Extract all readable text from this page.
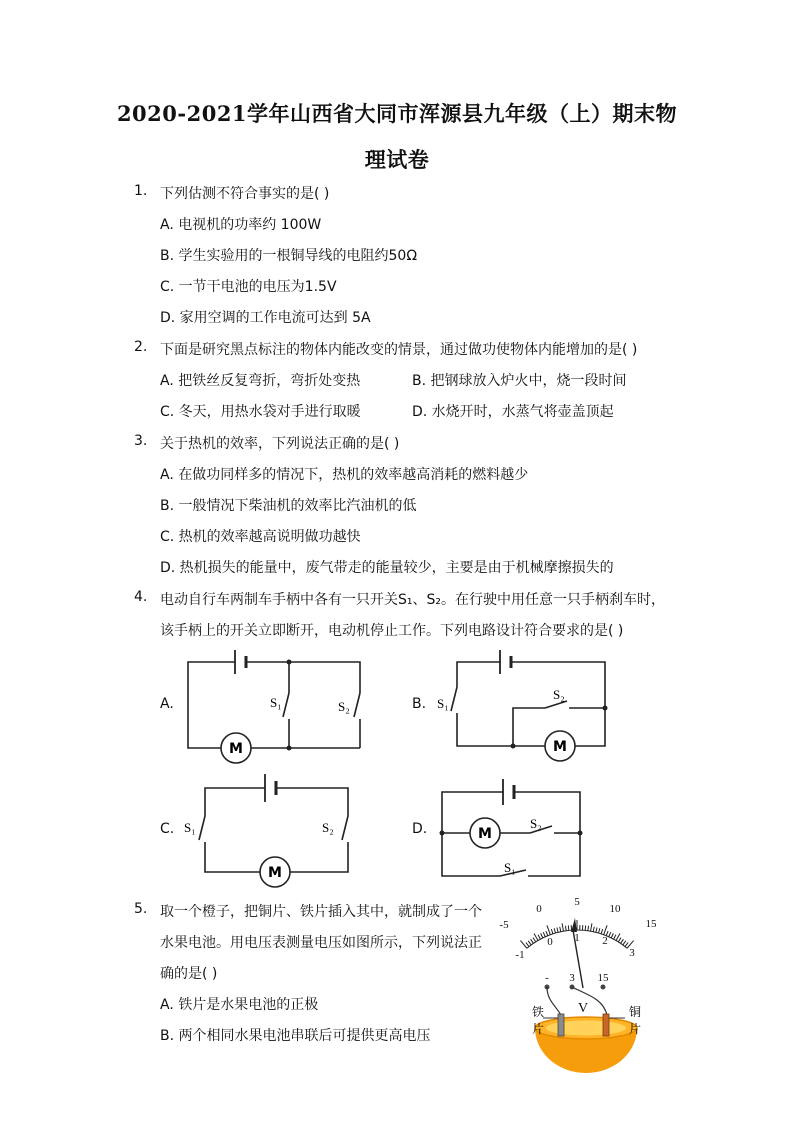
2020-2021学年山西省大同市浑源县九年级（上）期末物
理试卷
1. 下列估测不符合事实的是( )
A. 电视机的功率约 100W
B. 学生实验用的一根铜导线的电阻约50Ω
C. 一节干电池的电压为1.5V
D. 家用空调的工作电流可达到 5A
2. 下面是研究黑点标注的物体内能改变的情景，通过做功使物体内能增加的是( )
A. 把铁丝反复弯折，弯折处变热	B. 把钢球放入炉火中，烧一段时间
C. 冬天，用热水袋对手进行取暖	D. 水烧开时，水蒸气将壶盖顶起
3. 关于热机的效率，下列说法正确的是( )
A. 在做功同样多的情况下，热机的效率越高消耗的燃料越少
B. 一般情况下柴油机的效率比汽油机的低
C. 热机的效率越高说明做功越快
D. 热机损失的能量中，废气带走的能量较少，主要是由于机械摩擦损失的
4. 电动自行车两制车手柄中各有一只开关S₁、S₂。在行驶中用任意一只手柄刹车时，
该手柄上的开关立即断开，电动机停止工作。下列电路设计符合要求的是( )
A.
M
S₁	S₂	B.
M
S₁
S₂
C.
M
S₁	S₂	D.	M
S₂
S₁
5. 取一个橙子，把铜片、铁片插入其中，就制成了一个
水果电池。用电压表测量电压如图所示，下列说法正
确的是( )
A. 铁片是水果电池的正极
B. 两个相同水果电池串联后可提供更高电压
-5
0
5
10
15
-1
0 1 2
3
- 3 15
V
铁
片
铜
片
